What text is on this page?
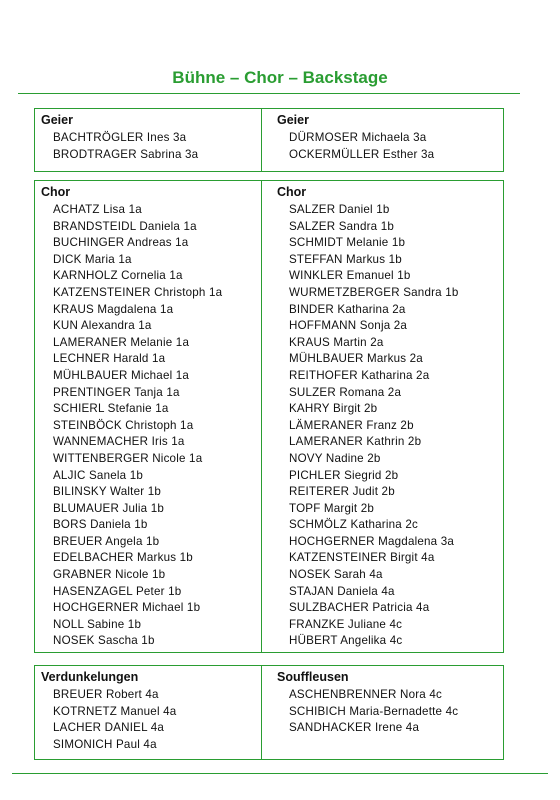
Bühne – Chor – Backstage
Geier
BACHTRÖGLER Ines 3a
BRODTRAGER Sabrina 3a
Geier
DÜRMOSER Michaela 3a
OCKERMÜLLER Esther 3a
Chor
ACHATZ Lisa 1a
BRANDSTEIDL Daniela 1a
BUCHINGER Andreas 1a
DICK Maria 1a
KARNHOLZ Cornelia 1a
KATZENSTEINER Christoph 1a
KRAUS Magdalena 1a
KUN Alexandra 1a
LAMERANER Melanie 1a
LECHNER Harald 1a
MÜHLBAUER Michael 1a
PRENTINGER Tanja 1a
SCHIERL Stefanie 1a
STEINBÖCK Christoph 1a
WANNEMACHER Iris 1a
WITTENBERGER Nicole 1a
ALJIC Sanela 1b
BILINSKY Walter 1b
BLUMAUER Julia 1b
BORS Daniela 1b
BREUER Angela 1b
EDELBACHER Markus 1b
GRABNER Nicole 1b
HASENZAGEL Peter 1b
HOCHGERNER Michael 1b
NOLL Sabine 1b
NOSEK Sascha 1b
Chor
SALZER Daniel 1b
SALZER Sandra 1b
SCHMIDT Melanie 1b
STEFFAN Markus 1b
WINKLER Emanuel 1b
WURMETZBERGER Sandra 1b
BINDER Katharina 2a
HOFFMANN Sonja 2a
KRAUS Martin 2a
MÜHLBAUER Markus 2a
REITHOFER Katharina 2a
SULZER Romana 2a
KAHRY Birgit 2b
LÄMERANER Franz 2b
LAMERANER Kathrin 2b
NOVY Nadine 2b
PICHLER Siegrid 2b
REITERER Judit 2b
TOPF Margit 2b
SCHMÖLZ Katharina 2c
HOCHGERNER Magdalena 3a
KATZENSTEINER Birgit 4a
NOSEK Sarah 4a
STAJAN Daniela 4a
SULZBACHER Patricia 4a
FRANZKE Juliane 4c
HÜBERT Angelika 4c
Verdunkelungen
BREUER Robert 4a
KOTRNETZ Manuel 4a
LACHER DANIEL 4a
SIMONICH Paul 4a
Souffleusen
ASCHENBRENNER Nora 4c
SCHIBICH Maria-Bernadette 4c
SANDHACKER Irene 4a
